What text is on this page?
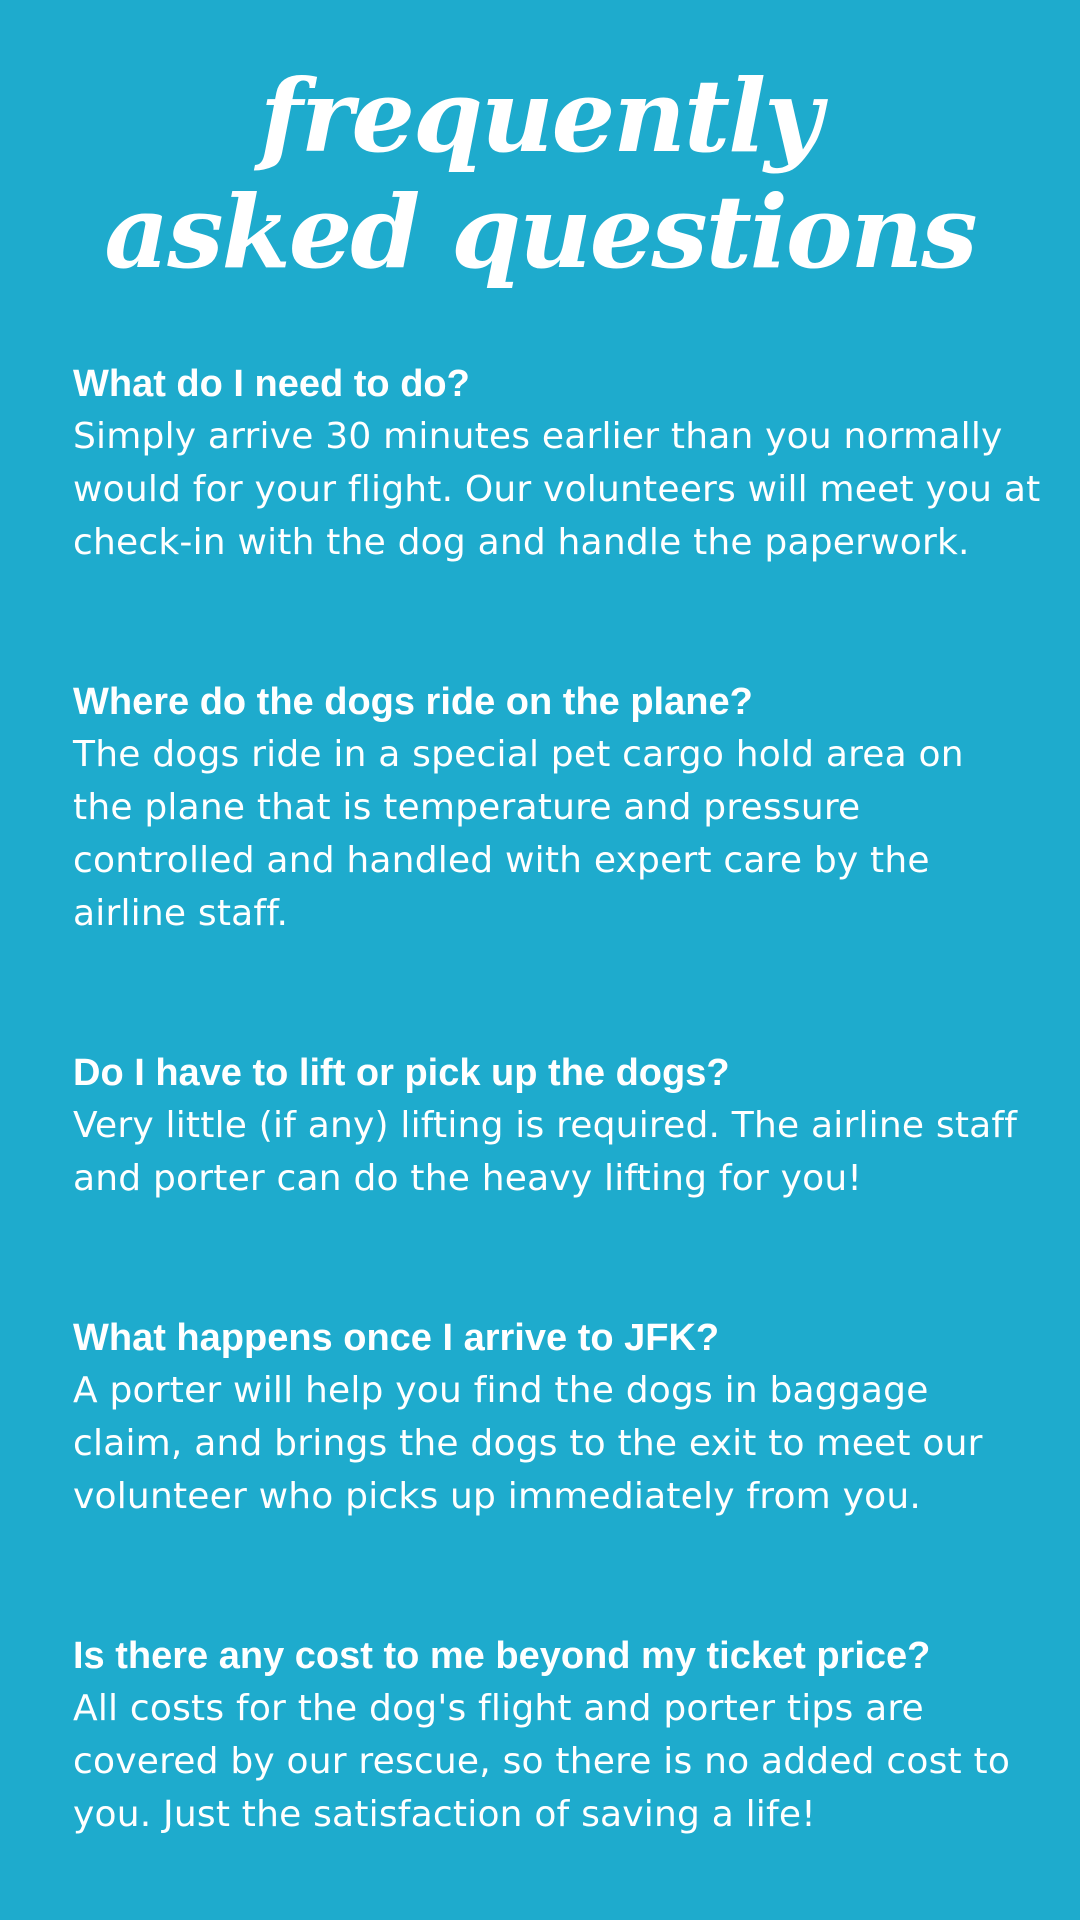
frequently
asked questions

What do I need to do?

Simply arrive 30 minutes earlier than you normally
would for your flight. Our volunteers will meet you at
check-in with the dog and handle the paperwork.

Where do the dogs ride on the plane?

The dogs ride in a special pet cargo hold area on
the plane that is temperature and pressure
controlled and handled with expert care by the
airline staff.

Do I have to lift or pick up the dogs?

Very little (if any) lifting is required. The airline staff
and porter can do the heavy lifting for you!

What happens once I arrive to JFK?

A porter will help you find the dogs in baggage
claim, and brings the dogs to the exit to meet our
volunteer who picks up immediately from you.

Is there any cost to me beyond my ticket price?

All costs for the dog's flight and porter tips are
covered by our rescue, so there is no added cost to
you. Just the satisfaction of saving a life!
